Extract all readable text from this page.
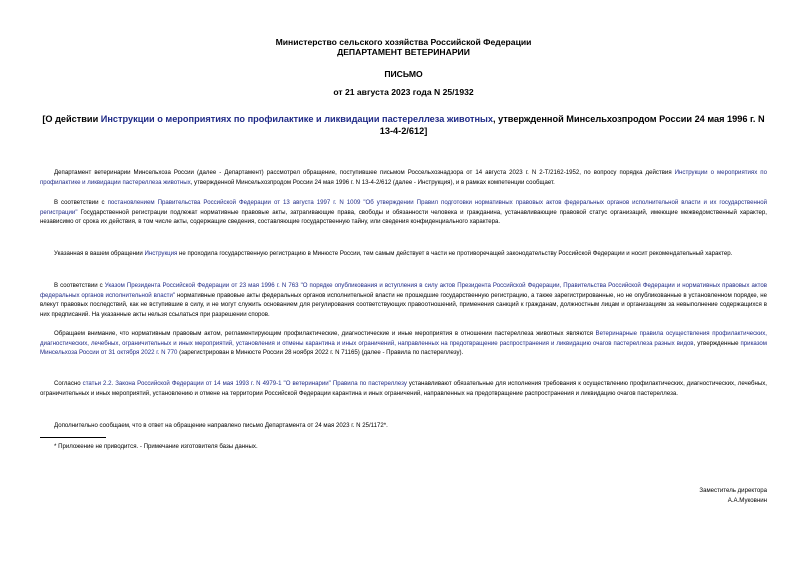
Министерство сельского хозяйства Российской Федерации
ДЕПАРТАМЕНТ ВЕТЕРИНАРИИ
ПИСЬМО
от 21 августа 2023 года N 25/1932
[О действии Инструкции о мероприятиях по профилактике и ликвидации пастереллеза животных, утвержденной Минсельхозпродом России 24 мая 1996 г. N 13-4-2/612]
Департамент ветеринарии Минсельхоза России (далее - Департамент) рассмотрел обращение, поступившее письмом Россельхознадзора от 14 августа 2023 г. N 2-Т/2162-1952, по вопросу порядка действия Инструкции о мероприятиях по профилактике и ликвидации пастереллеза животных, утвержденной Минсельхозпродом России 24 мая 1996 г. N 13-4-2/612 (далее - Инструкция), и в рамках компетенции сообщает.
В соответствии с постановлением Правительства Российской Федерации от 13 августа 1997 г. N 1009 "Об утверждении Правил подготовки нормативных правовых актов федеральных органов исполнительной власти и их государственной регистрации" Государственной регистрации подлежат нормативные правовые акты, затрагивающие права, свободы и обязанности человека и гражданина, устанавливающие правовой статус организаций, имеющие межведомственный характер, независимо от срока их действия, в том числе акты, содержащие сведения, составляющие государственную тайну, или сведения конфиденциального характера.
Указанная в вашем обращении Инструкция не проходила государственную регистрацию в Минюсте России, тем самым действует в части не противоречащей законодательству Российской Федерации и носит рекомендательный характер.
В соответствии с Указом Президента Российской Федерации от 23 мая 1996 г. N 763 "О порядке опубликования и вступления в силу актов Президента Российской Федерации, Правительства Российской Федерации и нормативных правовых актов федеральных органов исполнительной власти" нормативные правовые акты федеральных органов исполнительной власти не прошедшие государственную регистрацию, а также зарегистрированные, но не опубликованные в установленном порядке, не влекут правовых последствий, как не вступившие в силу, и не могут служить основанием для регулирования соответствующих правоотношений, применения санкций к гражданам, должностным лицам и организациям за невыполнение содержащихся в них предписаний. На указанные акты нельзя ссылаться при разрешении споров.
Обращаем внимание, что нормативным правовым актом, регламентирующим профилактические, диагностические и иные мероприятия в отношении пастереллеза животных являются Ветеринарные правила осуществления профилактических, диагностических, лечебных, ограничительных и иных мероприятий, установления и отмены карантина и иных ограничений, направленных на предотвращение распространения и ликвидацию очагов пастереллеза разных видов, утвержденные приказом Минсельхоза России от 31 октября 2022 г. N 770 (зарегистрирован в Минюсте России 28 ноября 2022 г. N 71165) (далее - Правила по пастереллезу).
Согласно статьи 2.2. Закона Российской Федерации от 14 мая 1993 г. N 4979-1 "О ветеринарии" Правила по пастереллезу устанавливают обязательные для исполнения требования к осуществлению профилактических, диагностических, лечебных, ограничительных и иных мероприятий, установлению и отмене на территории Российской Федерации карантина и иных ограничений, направленных на предотвращение распространения и ликвидацию очагов пастереллеза.
Дополнительно сообщаем, что в ответ на обращение направлено письмо Департамента от 24 мая 2023 г. N 25/1172*.
* Приложение не приводится. - Примечание изготовителя базы данных.
Заместитель директора
А.А.Муковнин
